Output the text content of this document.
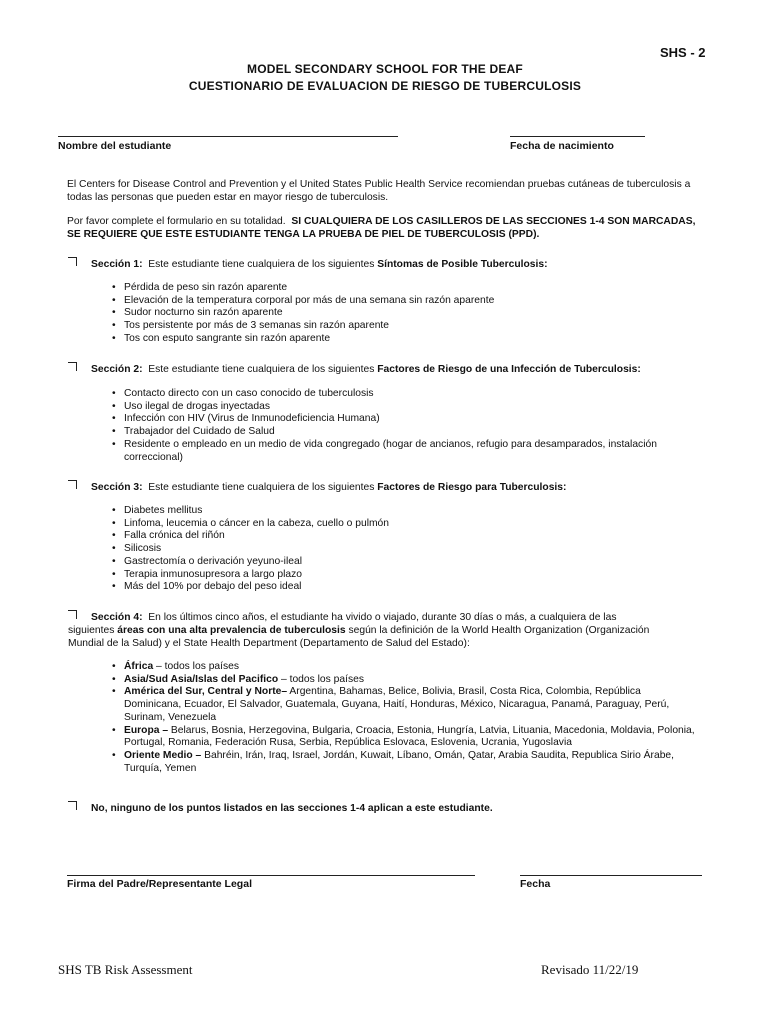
SHS - 2
MODEL SECONDARY SCHOOL FOR THE DEAF
CUESTIONARIO DE EVALUACION DE RIESGO DE TUBERCULOSIS
Nombre del estudiante	Fecha de nacimiento
El Centers for Disease Control and Prevention y el United States Public Health Service recomiendan pruebas cutáneas de tuberculosis a todas las personas que pueden estar en mayor riesgo de tuberculosis.
Por favor complete el formulario en su totalidad. SI CUALQUIERA DE LOS CASILLEROS DE LAS SECCIONES 1-4 SON MARCADAS, SE REQUIERE QUE ESTE ESTUDIANTE TENGA LA PRUEBA DE PIEL DE TUBERCULOSIS (PPD).
Sección 1: Este estudiante tiene cualquiera de los siguientes Síntomas de Posible Tuberculosis:
• Pérdida de peso sin razón aparente
• Elevación de la temperatura corporal por más de una semana sin razón aparente
• Sudor nocturno sin razón aparente
• Tos persistente por más de 3 semanas sin razón aparente
• Tos con esputo sangrante sin razón aparente
Sección 2: Este estudiante tiene cualquiera de los siguientes Factores de Riesgo de una Infección de Tuberculosis:
• Contacto directo con un caso conocido de tuberculosis
• Uso ilegal de drogas inyectadas
• Infección con HIV (Virus de Inmunodeficiencia Humana)
• Trabajador del Cuidado de Salud
• Residente o empleado en un medio de vida congregado (hogar de ancianos, refugio para desamparados, instalación correccional)
Sección 3: Este estudiante tiene cualquiera de los siguientes Factores de Riesgo para Tuberculosis:
• Diabetes mellitus
• Linfoma, leucemia o cáncer en la cabeza, cuello o pulmón
• Falla crónica del riñón
• Silicosis
• Gastrectomía o derivación yeyuno-ileal
• Terapia inmunosupresora a largo plazo
• Más del 10% por debajo del peso ideal
Sección 4: En los últimos cinco años, el estudiante ha vivido o viajado, durante 30 días o más, a cualquiera de las siguientes áreas con una alta prevalencia de tuberculosis según la definición de la World Health Organization (Organización Mundial de la Salud) y el State Health Department (Departamento de Salud del Estado):
• África – todos los países
• Asia/Sud Asia/Islas del Pacifico – todos los países
• América del Sur, Central y Norte– Argentina, Bahamas, Belice, Bolivia, Brasil, Costa Rica, Colombia, República Dominicana, Ecuador, El Salvador, Guatemala, Guyana, Haití, Honduras, México, Nicaragua, Panamá, Paraguay, Perú, Surinam, Venezuela
• Europa – Belarus, Bosnia, Herzegovina, Bulgaria, Croacia, Estonia, Hungría, Latvia, Lituania, Macedonia, Moldavia, Polonia, Portugal, Romania, Federación Rusa, Serbia, República Eslovaca, Eslovenia, Ucrania, Yugoslavia
• Oriente Medio – Bahréin, Irán, Iraq, Israel, Jordán, Kuwait, Líbano, Omán, Qatar, Arabia Saudita, Republica Sirio Árabe, Turquía, Yemen
No, ninguno de los puntos listados en las secciones 1-4 aplican a este estudiante.
Firma del Padre/Representante Legal	Fecha
SHS TB Risk Assessment	Revisado 11/22/19
